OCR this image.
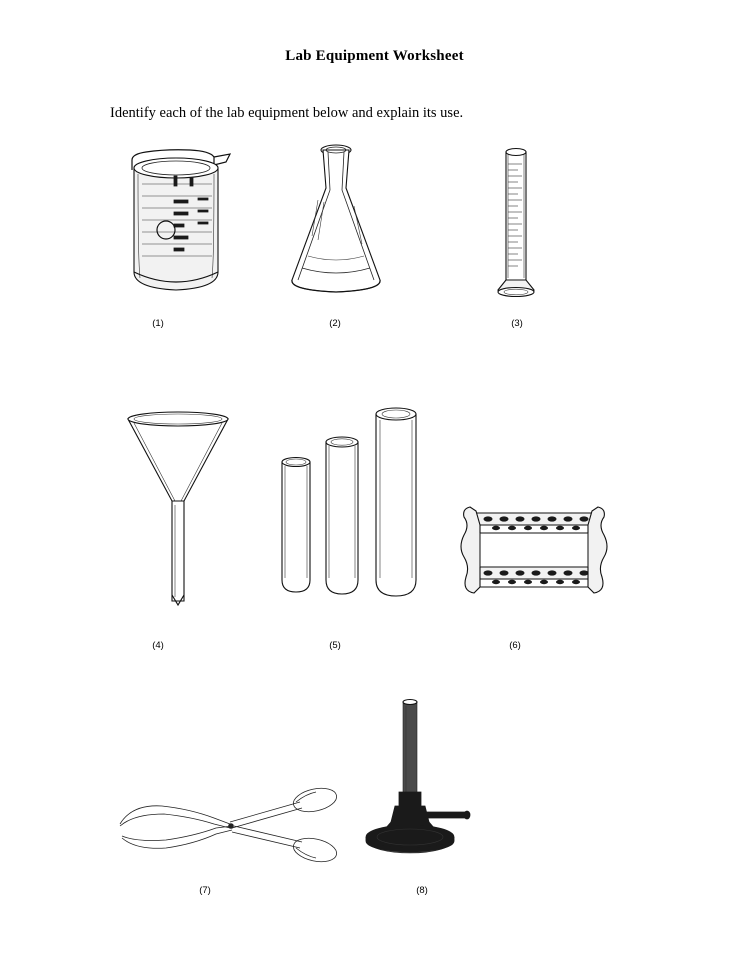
Lab Equipment Worksheet
Identify each of the lab equipment below and explain its use.
(1)	(2)	(3)
(4)	(5)	(6)
(7)	(8)
